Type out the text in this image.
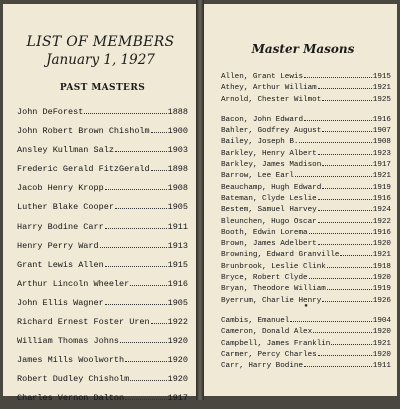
LIST OF MEMBERS
January 1, 1927
PAST MASTERS
John DeForest	1888
John Robert Brown Chisholm 1900
Ansley Kullman Salz	1903
Frederic Gerald FitzGerald 1898
Jacob Henry Kropp	1908
Luther Blake Cooper	1905
Harry Bodine Carr	1911
Henry Perry Ward	1913
Grant Lewis Allen	1915
Arthur Lincoln Wheeler	1916
John Ellis Wagner	1905
Richard Ernest Foster Uren 1922
William Thomas Johns	1920
James Mills Woolworth	1920
Robert Dudley Chisholm	1920
Charles Vernon Dalton	1917
Master Masons
Allen, Grant Lewis	1915
Athey, Arthur William	1921
Arnold, Chester Wilmot	1925
Bacon, John Edward	1916
Bahler, Godfrey August	1907
Bailey, Joseph B.	1908
Barkley, Henry Albert	1923
Barkley, James Madison	1917
Barrow, Lee Earl	1921
Beauchamp, Hugh Edward	1919
Bateman, Clyde Leslie	1916
Bestem, Samuel Harvey	1924
Bleunchen, Hugo Oscar	1922
Booth, Edwin Lorema	1916
Brown, James Adelbert	1920
Browning, Edward Granville	1921
Brunbrook, Leslie Clink	1918
Bryce, Robert Clyde	1920
Bryan, Theodore William	1919
Byerrum, Charlie Henry	1926
•
Cambis, Emanuel	1904
Cameron, Donald Alex	1920
Campbell, James Franklin	1921
Carmer, Percy Charles	1920
Carr, Harry Bodine	1911
